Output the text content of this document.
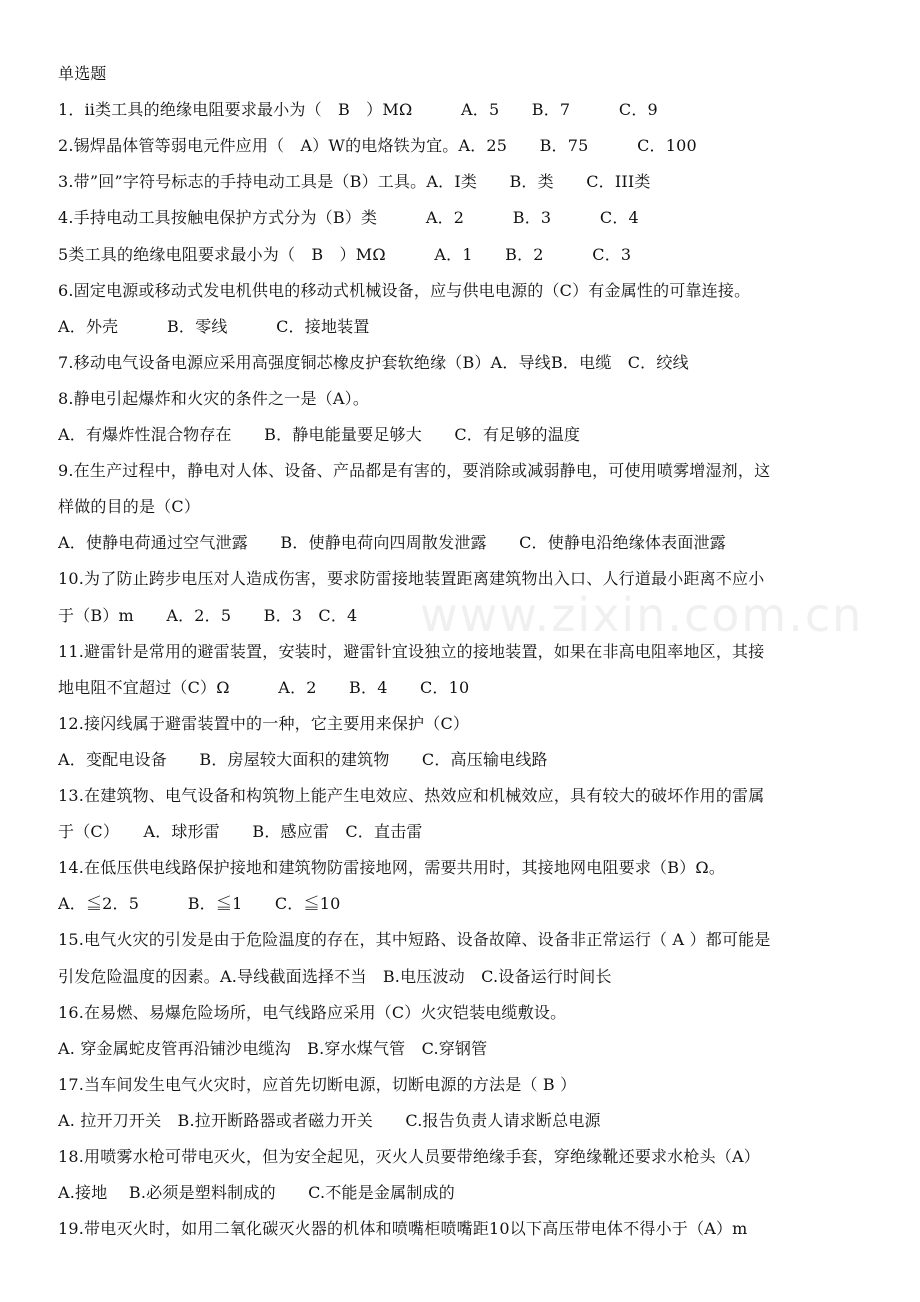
www.zixin.com.cn
单选题
1．ⅱ类工具的绝缘电阻要求最小为（　B　）MΩ　　　A．5　　B．7　　　C．9
2.锡焊晶体管等弱电元件应用（　A）W的电烙铁为宜。A．25　　B．75　　　C．100
3.带”回”字符号标志的手持电动工具是（B）工具。A．Ⅰ类　　B．类　　C．ⅠⅠⅠ类
4.手持电动工具按触电保护方式分为（B）类　　　A．2　　　B．3　　　C．4
5类工具的绝缘电阻要求最小为（　B　）MΩ　　　A．1　　B．2　　　C．3
6.固定电源或移动式发电机供电的移动式机械设备，应与供电电源的（C）有金属性的可靠连接。
A．外壳　　　B．零线　　　C．接地装置
7.移动电气设备电源应采用高强度铜芯橡皮护套软绝缘（B）A．导线B．电缆　C．绞线
8.静电引起爆炸和火灾的条件之一是（A）。
A．有爆炸性混合物存在　　B．静电能量要足够大　　C．有足够的温度
9.在生产过程中，静电对人体、设备、产品都是有害的，要消除或减弱静电，可使用喷雾增湿剂，这
样做的目的是（C）
A．使静电荷通过空气泄露　　B．使静电荷向四周散发泄露　　C．使静电沿绝缘体表面泄露
10.为了防止跨步电压对人造成伤害，要求防雷接地装置距离建筑物出入口、人行道最小距离不应小
于（B）m　　A．2．5　　B．3　C．4
11.避雷针是常用的避雷装置，安装时，避雷针宜设独立的接地装置，如果在非高电阻率地区，其接
地电阻不宜超过（C）Ω　　　A．2　　B．4　　C．10
12.接闪线属于避雷装置中的一种，它主要用来保护（C）
A．变配电设备　　B．房屋较大面积的建筑物　　C．高压输电线路
13.在建筑物、电气设备和构筑物上能产生电效应、热效应和机械效应，具有较大的破坏作用的雷属
于（C）　　A．球形雷　　B．感应雷　C．直击雷
14.在低压供电线路保护接地和建筑物防雷接地网，需要共用时，其接地网电阻要求（B）Ω。
A．≦2．5　　　B．≦1　　C．≦10
15.电气火灾的引发是由于危险温度的存在，其中短路、设备故障、设备非正常运行（ A ）都可能是
引发危险温度的因素。A.导线截面选择不当　B.电压波动　C.设备运行时间长
16.在易燃、易爆危险场所，电气线路应采用（C）火灾铠装电缆敷设。
A. 穿金属蛇皮管再沿铺沙电缆沟　B.穿水煤气管　C.穿钢管
17.当车间发生电气火灾时，应首先切断电源，切断电源的方法是（ B ）
A. 拉开刀开关　B.拉开断路器或者磁力开关　　C.报告负责人请求断总电源
18.用喷雾水枪可带电灭火，但为安全起见，灭火人员要带绝缘手套，穿绝缘靴还要求水枪头（A）
A.接地　 B.必须是塑料制成的　　C.不能是金属制成的
19.带电灭火时，如用二氧化碳灭火器的机体和喷嘴柜喷嘴距10以下高压带电体不得小于（A）m
